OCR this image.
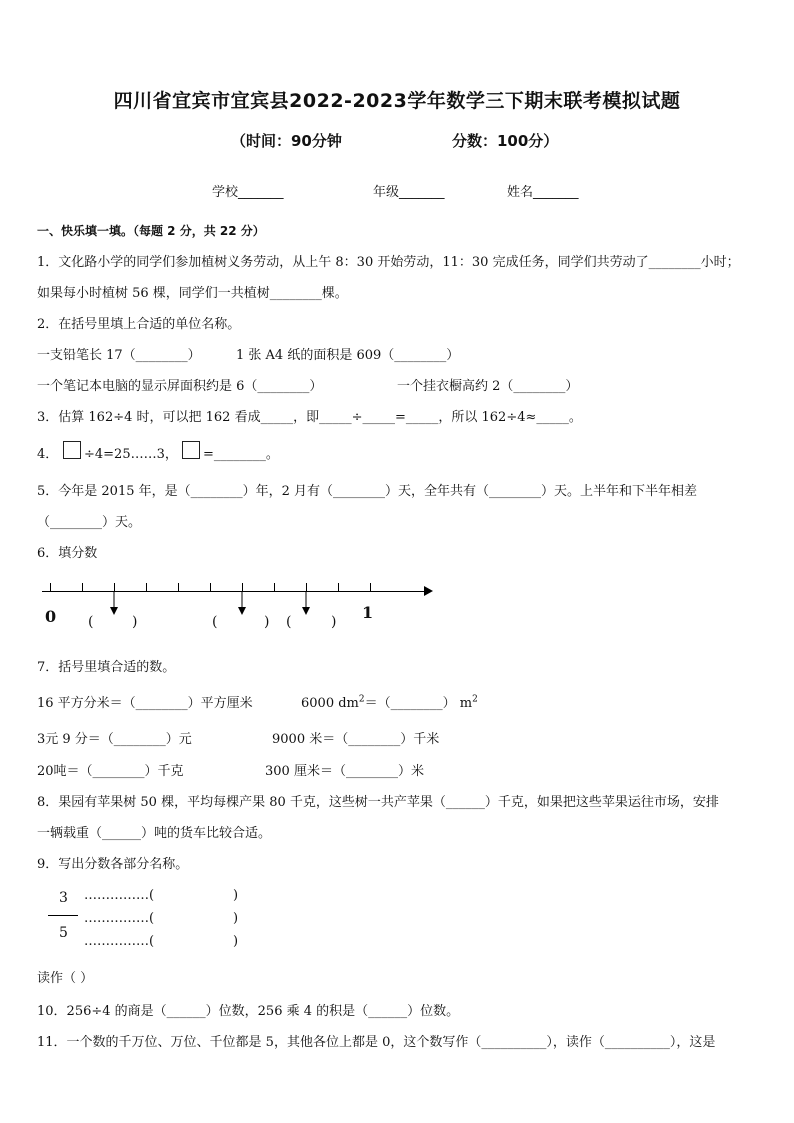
四川省宜宾市宜宾县2022-2023学年数学三下期末联考模拟试题
（时间：90分钟	分数：100分）
学校_______	年级_______	姓名_______
一、快乐填一填。（每题 2 分，共 22 分）
1．文化路小学的同学们参加植树义务劳动，从上午 8：30 开始劳动，11：30 完成任务，同学们共劳动了________小时；
如果每小时植树 56 棵，同学们一共植树________棵。
2．在括号里填上合适的单位名称。
一支铅笔长 17（________）	1 张 A4 纸的面积是 609（________）
一个笔记本电脑的显示屏面积约是 6（________）	一个挂衣橱高约 2（________）
3．估算 162÷4 时，可以把 162 看成_____，即_____÷_____=_____，所以 162÷4≈_____。
4． ÷4=25……3， =________。
5．今年是 2015 年，是（________）年，2 月有（________）天，全年共有（________）天。上半年和下半年相差
（________）天。
6．填分数
0	1
(	)	(	) (	)
7．括号里填合适的数。
16 平方分米＝（________）平方厘米	6000 $dm^2=(\_\_\_\_\_\_\_\_)$ $m^2$
3元 9 分＝（________）元	9000 米＝（________）千米
20吨＝（________）千克	300 厘米＝（________）米
8．果园有苹果树 50 棵，平均每棵产果 80 千克，这些树一共产苹果（______）千克，如果把这些苹果运往市场，安排
一辆载重（______）吨的货车比较合适。
9．写出分数各部分名称。
3
5
……………(	)
……………(	)
……………(	)
读作（ ）
10．256÷4 的商是（______）位数，256 乘 4 的积是（______）位数。
11．一个数的千万位、万位、千位都是 5，其他各位上都是 0，这个数写作（__________），读作（__________），这是
